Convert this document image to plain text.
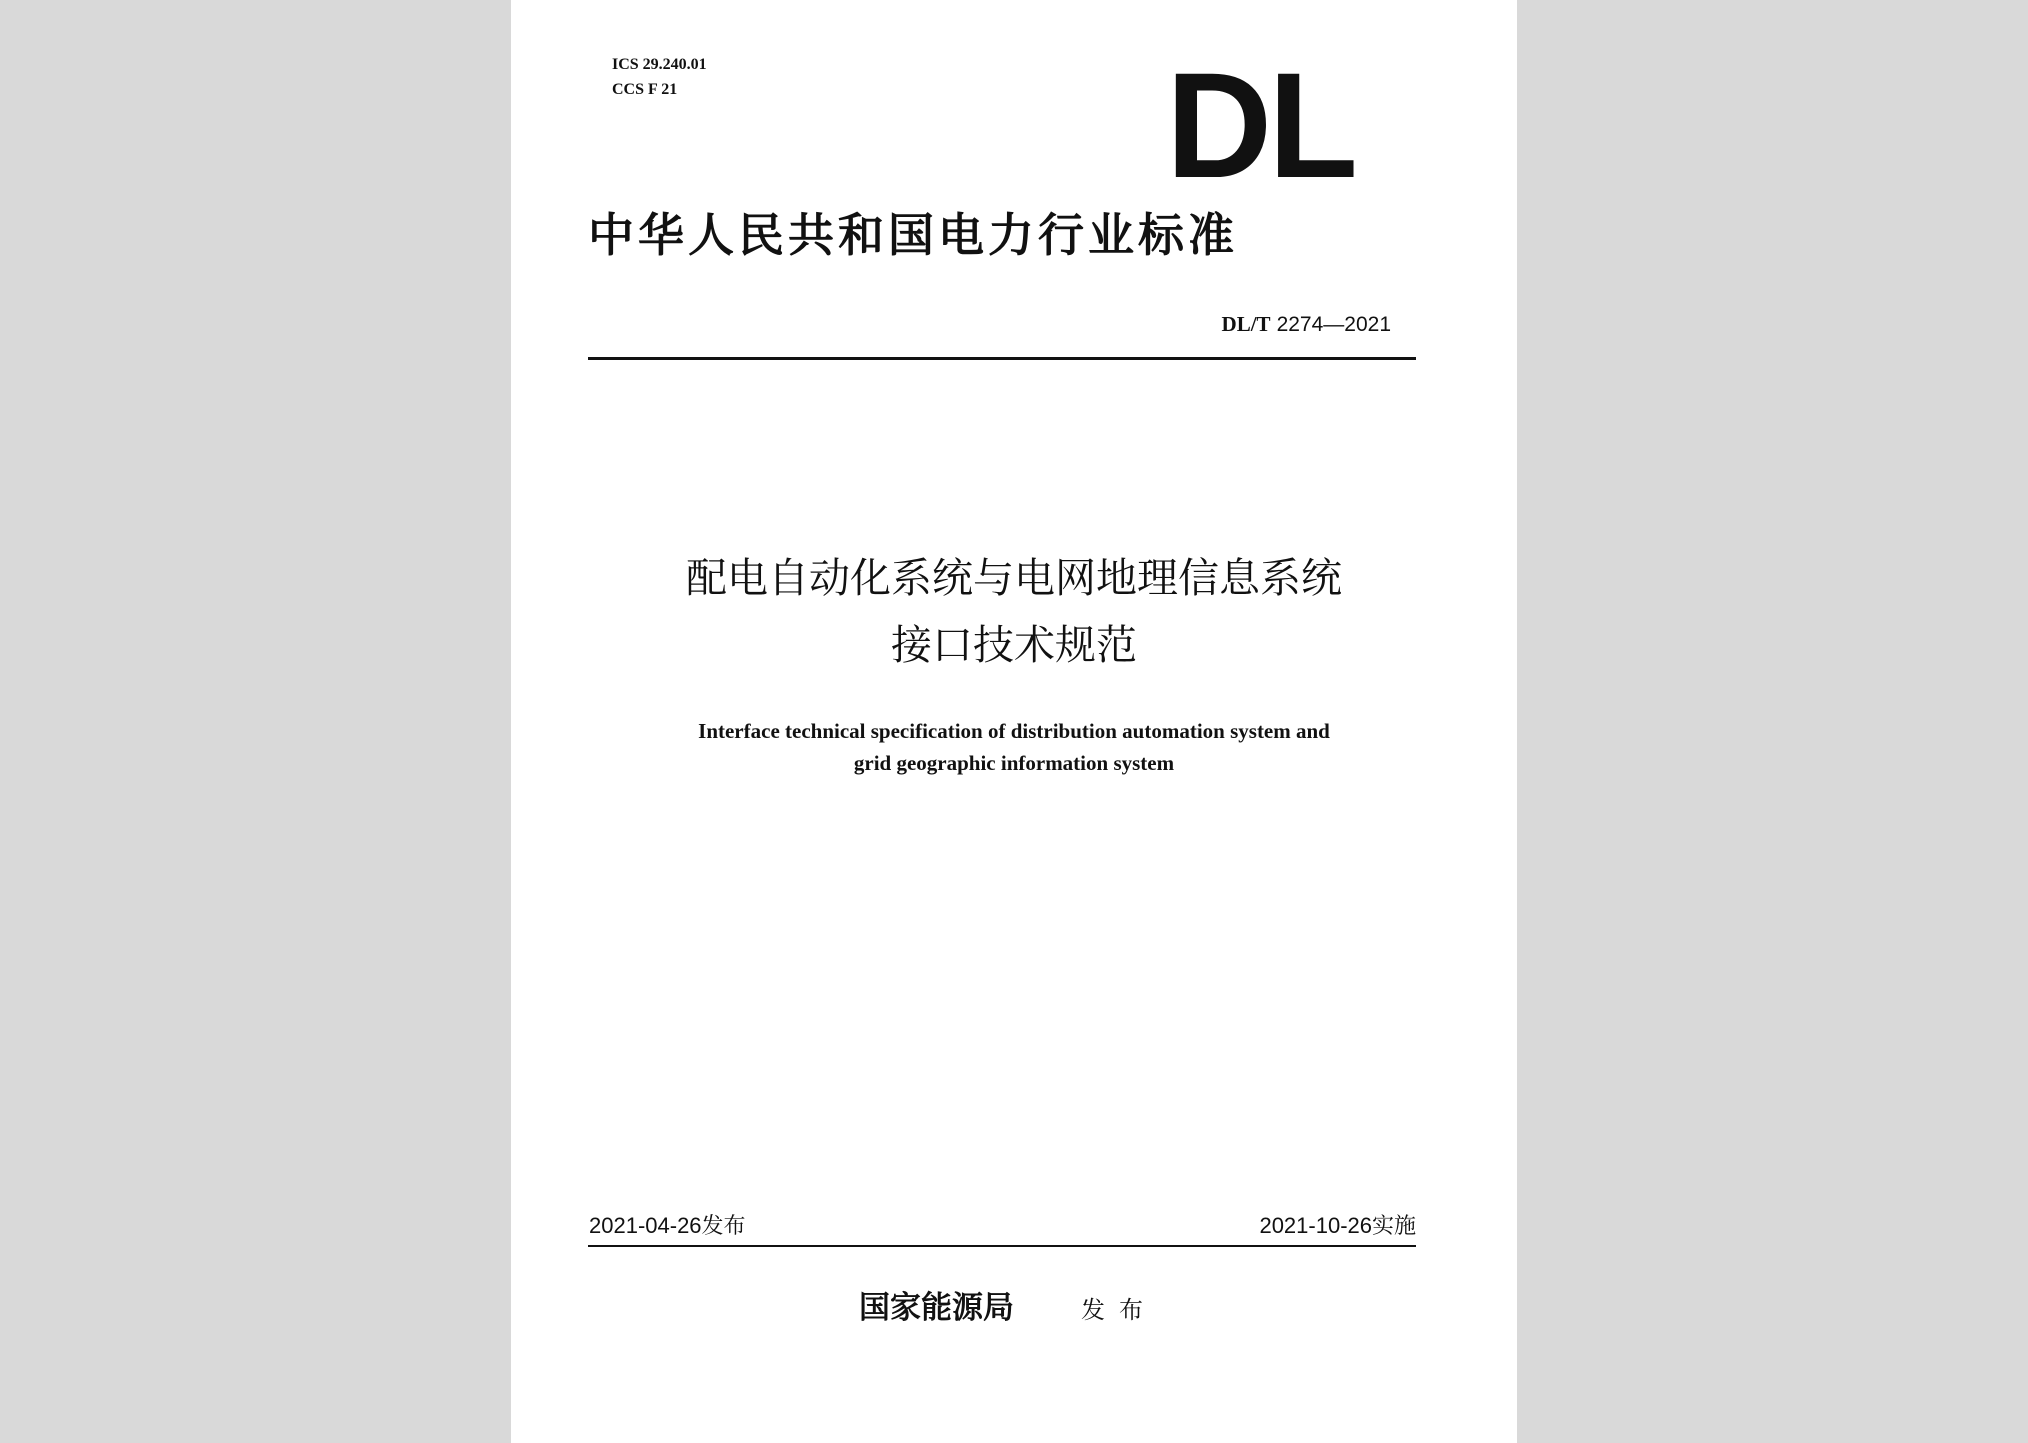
ICS 29.240.01
CCS F 21	DL
中华人民共和国电力行业标准
DL/T 2274—2021
配电自动化系统与电网地理信息系统
接口技术规范
Interface technical specification of distribution automation system and
grid geographic information system
2021-04-26发布	2021-10-26实施
国家能源局	发布
